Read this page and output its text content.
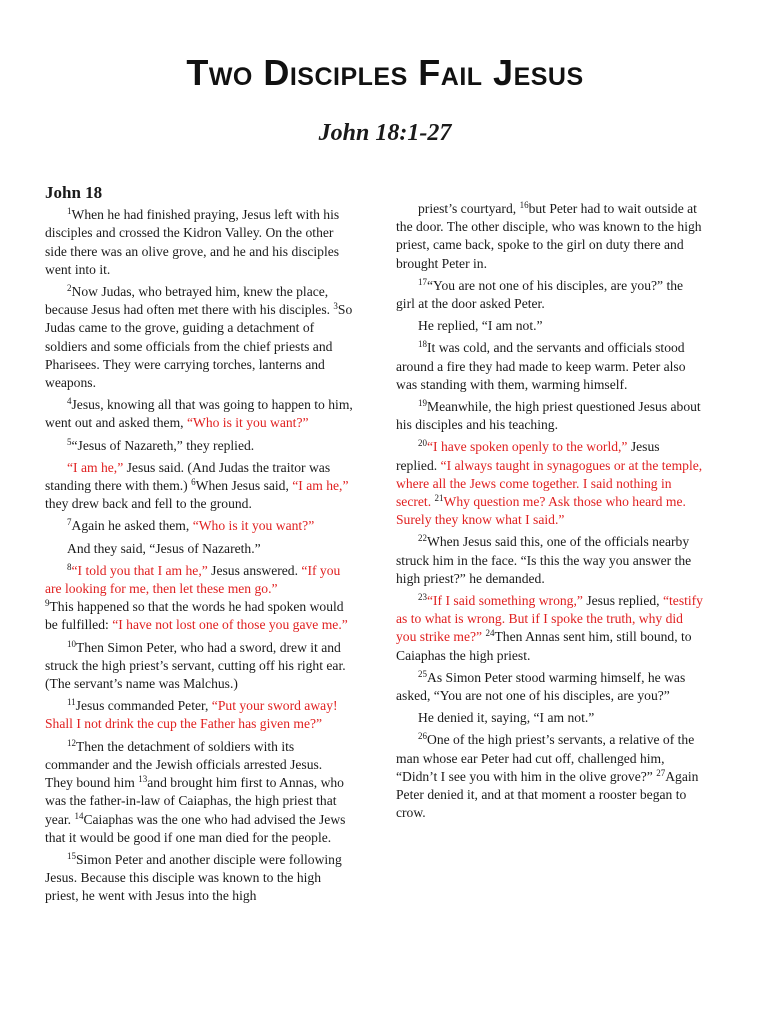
Two Disciples Fail Jesus
John 18:1-27
John 18

$^1$When he had finished praying, Jesus left with his disciples and crossed the Kidron Valley. On the other side there was an olive grove, and he and his disciples went into it.

$^2$Now Judas, who betrayed him, knew the place, because Jesus had often met there with his disciples. $^3$So Judas came to the grove, guiding a detachment of soldiers and some officials from the chief priests and Pharisees. They were carrying torches, lanterns and weapons.

$^4$Jesus, knowing all that was going to happen to him, went out and asked them, “Who is it you want?”

$^5$“Jesus of Nazareth,” they replied.

“I am he,” Jesus said. (And Judas the traitor was standing there with them.) $^6$When Jesus said, “I am he,” they drew back and fell to the ground.

$^7$Again he asked them, “Who is it you want?”

And they said, “Jesus of Nazareth.”

$^8$“I told you that I am he,” Jesus answered. “If you are looking for me, then let these men go.”
$^9$This happened so that the words he had spoken would be fulfilled: “I have not lost one of those you gave me.”

$^{10}$Then Simon Peter, who had a sword, drew it and struck the high priest’s servant, cutting off his right ear. (The servant’s name was Malchus.)

$^{11}$Jesus commanded Peter, “Put your sword away! Shall I not drink the cup the Father has given me?”

$^{12}$Then the detachment of soldiers with its commander and the Jewish officials arrested Jesus. They bound him $^{13}$and brought him first to Annas, who was the father-in-law of Caiaphas, the high priest that year. $^{14}$Caiaphas was the one who had advised the Jews that it would be good if one man died for the people.

$^{15}$Simon Peter and another disciple were following Jesus. Because this disciple was known to the high priest, he went with Jesus into the high

priest’s courtyard, $^{16}$but Peter had to wait outside at the door. The other disciple, who was known to the high priest, came back, spoke to the girl on duty there and brought Peter in.

$^{17}$“You are not one of his disciples, are you?” the girl at the door asked Peter.

He replied, “I am not.”

$^{18}$It was cold, and the servants and officials stood around a fire they had made to keep warm. Peter also was standing with them, warming himself.

$^{19}$Meanwhile, the high priest questioned Jesus about his disciples and his teaching.

$^{20}$“I have spoken openly to the world,” Jesus replied. “I always taught in synagogues or at the temple, where all the Jews come together. I said nothing in secret. $^{21}$Why question me? Ask those who heard me. Surely they know what I said.”

$^{22}$When Jesus said this, one of the officials nearby struck him in the face. “Is this the way you answer the high priest?” he demanded.

$^{23}$“If I said something wrong,” Jesus replied, “testify as to what is wrong. But if I spoke the truth, why did you strike me?” $^{24}$Then Annas sent him, still bound, to Caiaphas the high priest.

$^{25}$As Simon Peter stood warming himself, he was asked, “You are not one of his disciples, are you?”

He denied it, saying, “I am not.”

$^{26}$One of the high priest’s servants, a relative of the man whose ear Peter had cut off, challenged him, “Didn’t I see you with him in the olive grove?” $^{27}$Again Peter denied it, and at that moment a rooster began to crow.
